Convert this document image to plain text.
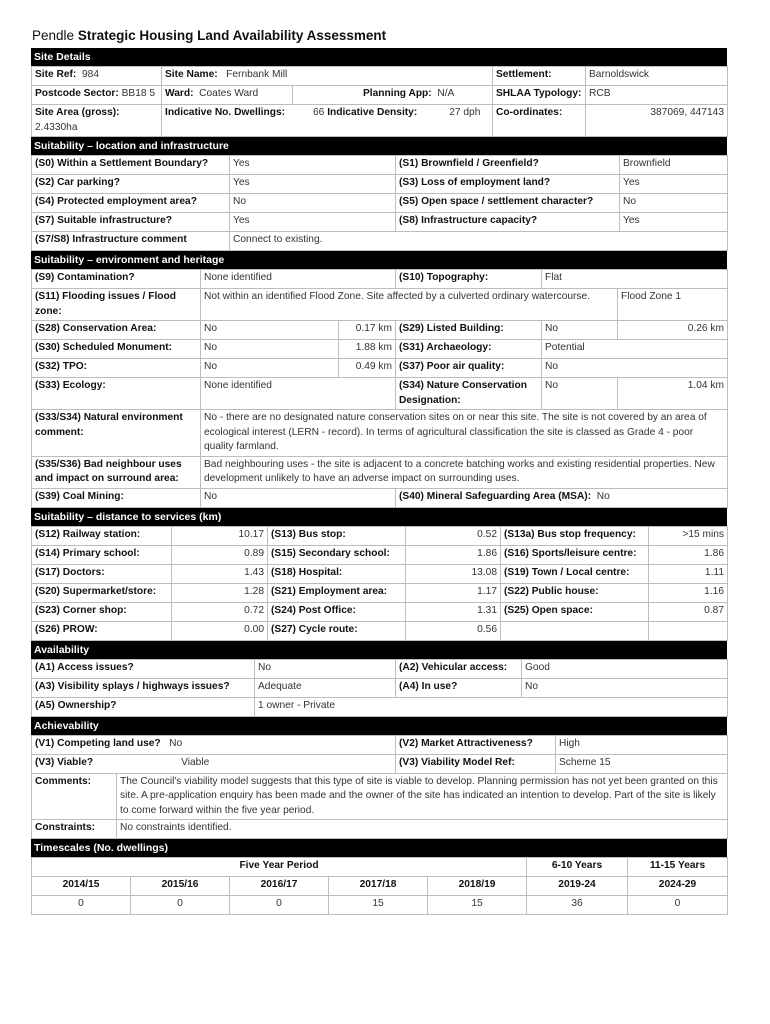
Pendle Strategic Housing Land Availability Assessment
Site Details
Site Ref: 984	Site Name: Fernbank Mill		Settlement:	Barnoldswick
Postcode Sector: BB18 5	Ward: Coates Ward	Planning App: N/A	SHLAA Typology:	RCB
Site Area (gross): 2.4330ha	Indicative No. Dwellings: 66 Indicative Density: 27 dph		Co-ordinates:	387069, 447143
Suitability – location and infrastructure
(S0) Within a Settlement Boundary?	Yes	(S1) Brownfield / Greenfield?	Brownfield
(S2) Car parking?	Yes	(S3) Loss of employment land?	Yes
(S4) Protected employment area?	No	(S5) Open space / settlement character?	No
(S7) Suitable infrastructure?	Yes	(S8) Infrastructure capacity?	Yes
(S7/S8) Infrastructure comment	Connect to existing.		
Suitability – environment and heritage
(S9) Contamination?	None identified		(S10) Topography:	Flat	
(S11) Flooding issues / Flood zone:	Not within an identified Flood Zone. Site affected by a culverted ordinary watercourse.				Flood Zone 1
(S28) Conservation Area:	No	0.17 km	(S29) Listed Building:	No	0.26 km
(S30) Scheduled Monument:	No	1.88 km	(S31) Archaeology:	Potential	
(S32) TPO:	No	0.49 km	(S37) Poor air quality:	No	
(S33) Ecology:	None identified		(S34) Nature Conservation Designation:	No	1.04 km
(S33/S34) Natural environment comment:	No - there are no designated nature conservation sites on or near this site. The site is not covered by an area of ecological interest (LERN - record). In terms of agricultural classification the site is classed as Grade 4 - poor quality farmland.				
(S35/S36) Bad neighbour uses and impact on surround area:	Bad neighbouring uses - the site is adjacent to a concrete batching works and existing residential properties. New development unlikely to have an adverse impact on surrounding uses.				
(S39) Coal Mining:	No		(S40) Mineral Safeguarding Area (MSA): No		
Suitability – distance to services (km)
(S12) Railway station:	10.17	(S13) Bus stop:	0.52	(S13a) Bus stop frequency:	>15 mins
(S14) Primary school:	0.89	(S15) Secondary school:	1.86	(S16) Sports/leisure centre:	1.86
(S17) Doctors:	1.43	(S18) Hospital:	13.08	(S19) Town / Local centre:	1.11
(S20) Supermarket/store:	1.28	(S21) Employment area:	1.17	(S22) Public house:	1.16
(S23) Corner shop:	0.72	(S24) Post Office:	1.31	(S25) Open space:	0.87
(S26) PROW:	0.00	(S27) Cycle route:	0.56		
Availability
(A1) Access issues?	No	(A2) Vehicular access:	Good
(A3) Visibility splays / highways issues?	Adequate	(A4) In use?	No
(A5) Ownership?	1 owner - Private		
Achievability
(V1) Competing land use? No		(V2) Market Attractiveness?	High
(V3) Viable? Viable		(V3) Viability Model Ref:	Scheme 15
Comments:	The Council's viability model suggests that this type of site is viable to develop. Planning permission has not yet been granted on this site. A pre-application enquiry has been made and the owner of the site has indicated an intention to develop. Part of the site is likely to come forward within the five year period.		
Constraints:	No constraints identified.		
Timescales (No. dwellings)
Five Year Period					6-10 Years	11-15 Years
2014/15	2015/16	2016/17	2017/18	2018/19	2019-24	2024-29
0	0	0	15	15	36	0
